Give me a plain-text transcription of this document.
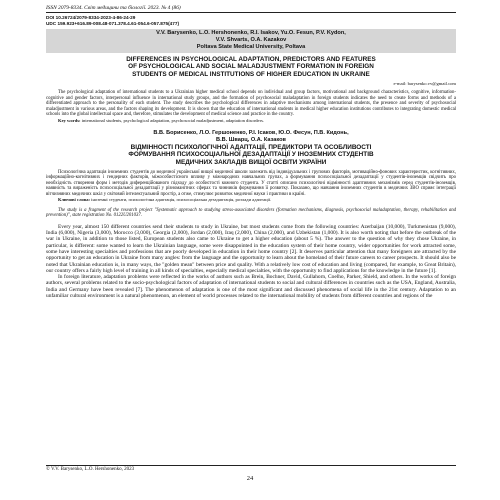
ISSN 2079-8334. Світ медицини та біології. 2023. № 4 (86)
DOI 10.26724/2079-8334-2023-4-86-24-29
UDC 159.923+616.89-008.48-071.378.4.61-054.6-057.875(477)
V.V. Barysenko, L.O. Hershonenko, R.I. Isakov, Yu.O. Fesun, P.V. Kydon,
V.V. Shvarts, O.A. Kazakov
Poltava State Medical University, Poltava
DIFFERENCES IN PSYCHOLOGICAL ADAPTATION, PREDICTORS AND FEATURES
OF PSYCHOLOGICAL AND SOCIAL MALADJUSTMENT FORMATION IN FOREIGN
STUDENTS OF MEDICAL INSTITUTIONS OF HIGHER EDUCATION IN UKRAINE
e-mail: barysenko.vv@gmail.com
The psychological adaptation of international students to a Ukrainian higher medical school depends on individual and group factors, motivational and background characteristics, cognitive, information-cognitive and gender factors, interpersonal influence in international study groups, and the formation of psychosocial maladaptation in foreign students indicates the need to create forms and methods of a differentiated approach to the personality of each student. The study describes the psychological differences in adaptive mechanisms among international students, the presence and severity of psychosocial maladjustment in various areas, and the factors shaping its development. It is shown that the education of international students in medical higher education institutions contributes to integrating domestic medical schools into the global intellectual space and, therefore, stimulates the development of medical science and practice in the country.
Key words: international students, psychological adaptation, psychosocial maladjustment, adaptation disorders.
В.В. Борисенко, Л.О. Гершоненко, Р.І. Ісаков, Ю.О. Фесун, П.В. Кидонь,
В.В. Шварц, О.А. Казаков
ВІДМІННОСТІ ПСИХОЛОГІЧНОЇ АДАПТАЦІЇ, ПРЕДИКТОРИ ТА ОСОБЛИВОСТІ
ФОРМУВАННЯ ПСИХОСОЦІАЛЬНОЇ ДЕЗАДАПТАЦІЇ У ІНОЗЕМНИХ СТУДЕНТІВ
МЕДИЧНИХ ЗАКЛАДІВ ВИЩОЇ ОСВІТИ УКРАЇНИ
Психологічна адаптація іноземних студентів до медичної української вищої медичної школи залежить від індивідуальних і групових факторів, мотиваційно-фонових характеристик, когнітивних, інформаційно-когнітивних і гендерних факторів, міжособистісного впливу у міжнародних навчальних групах, а формування психосоціальної дезадаптації у студентів-іноземців свідчить про необхідність створення форм і методів диференційованого підходу до особистості кожного студента. У статті описано психологічні відмінності адаптивних механізмів серед студентів-іноземців, наявність та вираженість психосоціальної дезадаптації у різноманітних сферах та чинників формування її розвитку. Показано, що навчання іноземних студентів в медичних ЗВО сприяє інтеграції вітчизняних медичних шкіл у світовий інтелектуальний простір, а отже, стимулює розвиток медичної науки і практики в країні.
Ключові слова: іноземні студенти, психологічна адаптація, психосоціальна дезадаптація, розлади адаптації.
The study is a fragment of the research project "Systematic approach to studying stress-associated disorders (formation mechanisms, diagnosis, psychosocial maladaptation, therapy, rehabilitation and prevention)", state registration No. 0122U201037.
Every year, almost 150 different countries send their students to study in Ukraine, but most students come from the following countries: Azerbaijan (10,000), Turkmenistan (9,000), India (6,000), Nigeria (3,000), Morocco (3,000), Georgia (2,000), Jordan (2,000), Iraq (2,000), China (2,000), and Uzbekistan (1,000). It is also worth noting that before the outbreak of the war in Ukraine, in addition to those listed, European students also came to Ukraine to get a higher education (about 5 %). The answer to the question of why they chose Ukraine, in particular, is different: some wanted to learn the Ukrainian language, some were disappointed in the education system of their home country, wider opportunities for work attracted some, some have interesting specialties and professions that are poorly developed in education in their home country [2]. It deserves particular attention that many foreigners are attracted by the opportunity to get an education in Ukraine from many angles: from the language and the opportunity to learn about the homeland of their future careers to career prospects. It should also be noted that Ukrainian education is, in many ways, the "golden mean" between price and quality. With a relatively low cost of education and living (compared, for example, to Great Britain), our country offers a fairly high level of training in all kinds of specialties, especially medical specialties, with the opportunity to find applications for the knowledge in the future [1].
In foreign literature, adaptation problems were reflected in the works of authors such as Brein, Bochner, David, Gullahorn, Coelho, Parker, Shield, and others. In the works of foreign authors, several problems related to the socio-psychological factors of adaptation of international students to social and cultural differences in countries such as the USA, England, Australia, India and Germany have been revealed [7]. The phenomenon of adaptation is one of the most significant and discussed phenomena of social life in the 21st century. Adaptation to an unfamiliar cultural environment is a natural phenomenon, an element of world processes related to the international mobility of students from different countries and regions of the
© V.V. Barysenko, L.O. Hershonenko, 2023
24
